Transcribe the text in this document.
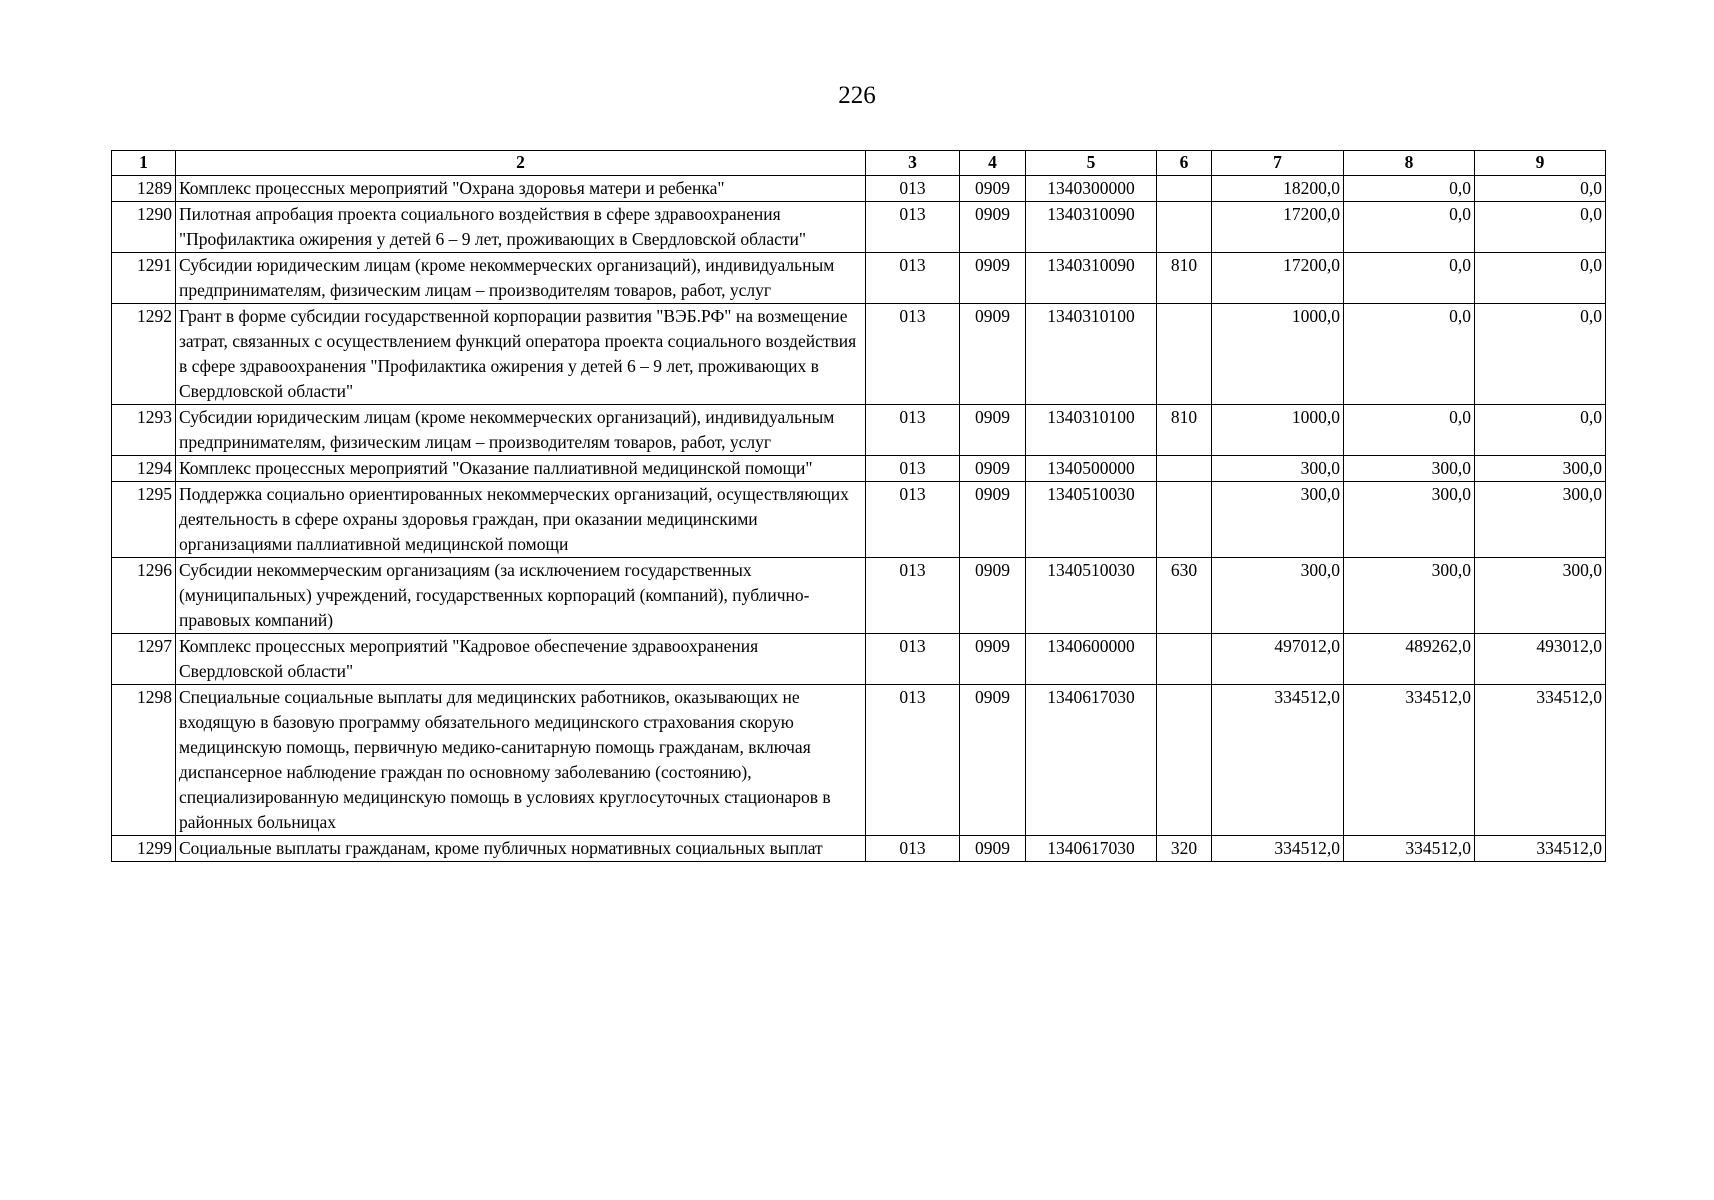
226
1	2	3	4	5	6	7	8	9
1289	Комплекс процессных мероприятий "Охрана здоровья матери и ребенка"	013	0909	1340300000		18200,0	0,0	0,0
1290	Пилотная апробация проекта социального воздействия в сфере здравоохранения "Профилактика ожирения у детей 6 – 9 лет, проживающих в Свердловской области"	013	0909	1340310090		17200,0	0,0	0,0
1291	Субсидии юридическим лицам (кроме некоммерческих организаций), индивидуальным предпринимателям, физическим лицам – производителям товаров, работ, услуг	013	0909	1340310090	810	17200,0	0,0	0,0
1292	Грант в форме субсидии государственной корпорации развития "ВЭБ.РФ" на возмещение затрат, связанных с осуществлением функций оператора проекта социального воздействия в сфере здравоохранения "Профилактика ожирения у детей 6 – 9 лет, проживающих в Свердловской области"	013	0909	1340310100		1000,0	0,0	0,0
1293	Субсидии юридическим лицам (кроме некоммерческих организаций), индивидуальным предпринимателям, физическим лицам – производителям товаров, работ, услуг	013	0909	1340310100	810	1000,0	0,0	0,0
1294	Комплекс процессных мероприятий "Оказание паллиативной медицинской помощи"	013	0909	1340500000		300,0	300,0	300,0
1295	Поддержка социально ориентированных некоммерческих организаций, осуществляющих деятельность в сфере охраны здоровья граждан, при оказании медицинскими организациями паллиативной медицинской помощи	013	0909	1340510030		300,0	300,0	300,0
1296	Субсидии некоммерческим организациям (за исключением государственных (муниципальных) учреждений, государственных корпораций (компаний), публично-правовых компаний)	013	0909	1340510030	630	300,0	300,0	300,0
1297	Комплекс процессных мероприятий "Кадровое обеспечение здравоохранения Свердловской области"	013	0909	1340600000		497012,0	489262,0	493012,0
1298	Специальные социальные выплаты для медицинских работников, оказывающих не входящую в базовую программу обязательного медицинского страхования скорую медицинскую помощь, первичную медико-санитарную помощь гражданам, включая диспансерное наблюдение граждан по основному заболеванию (состоянию), специализированную медицинскую помощь в условиях круглосуточных стационаров в районных больницах	013	0909	1340617030		334512,0	334512,0	334512,0
1299	Социальные выплаты гражданам, кроме публичных нормативных социальных выплат	013	0909	1340617030	320	334512,0	334512,0	334512,0
